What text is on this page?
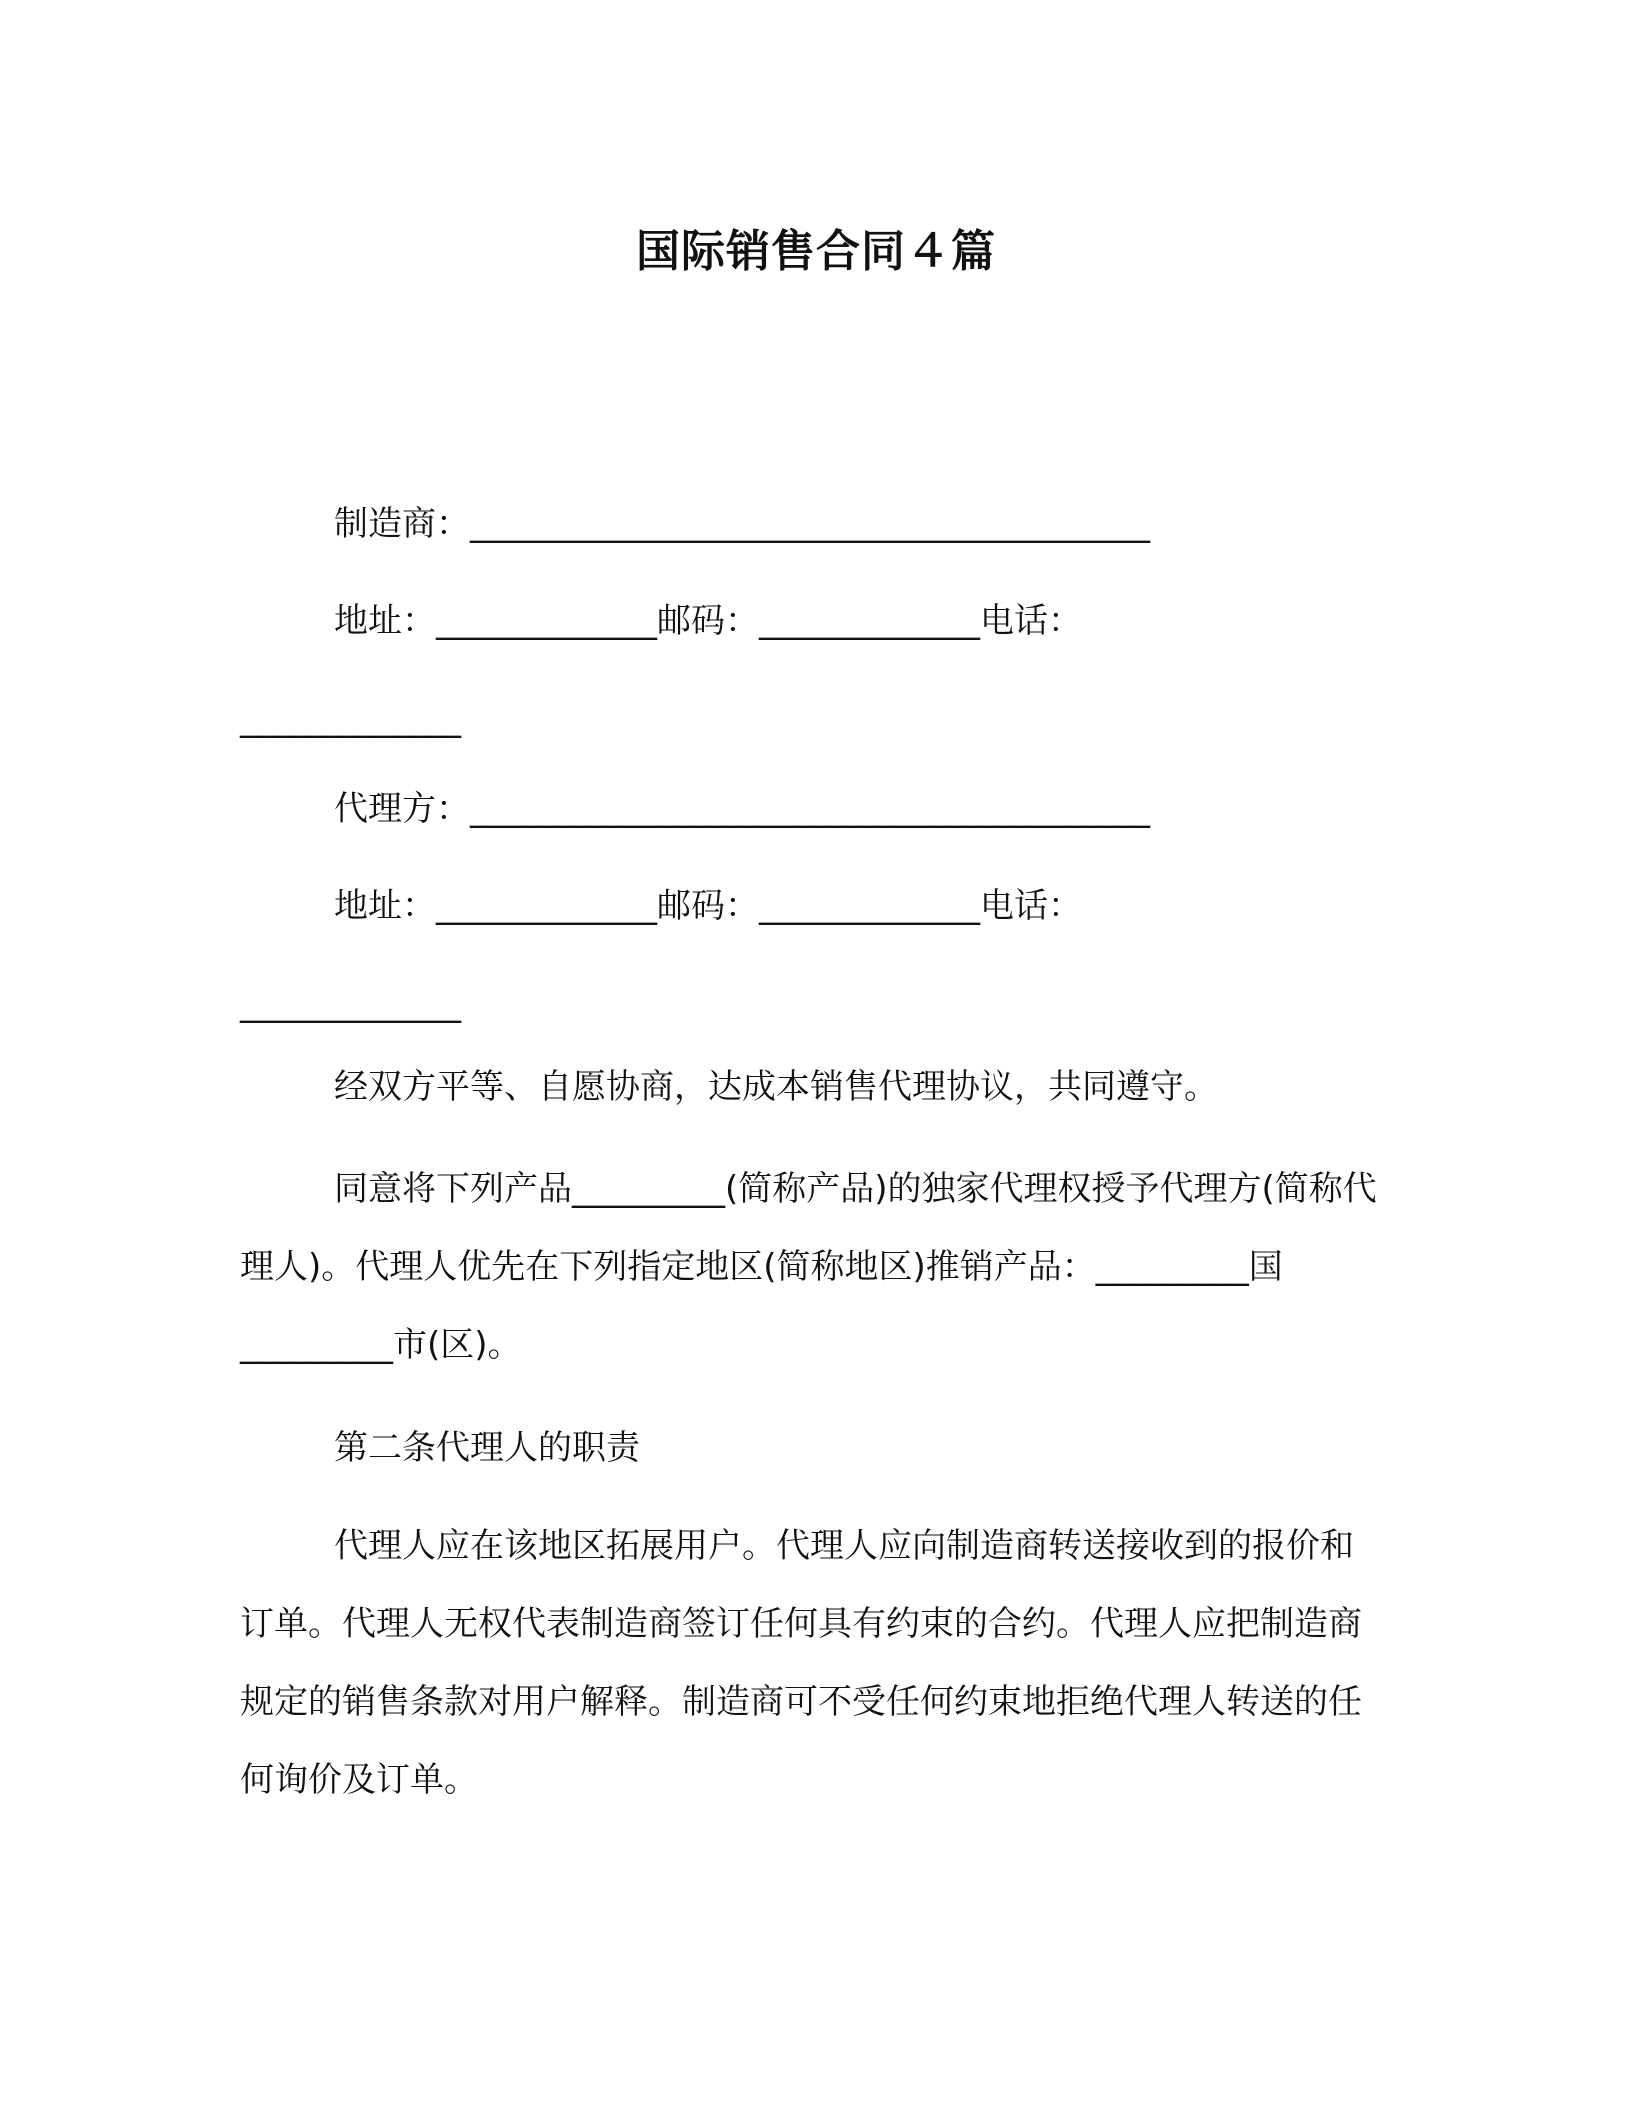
国际销售合同４篇
制造商：________________________________________
地址：_____________邮码：_____________电话：
_____________
代理方：________________________________________
地址：_____________邮码：_____________电话：
_____________
经双方平等、自愿协商，达成本销售代理协议，共同遵守。
同意将下列产品_________(简称产品)的独家代理权授予代理方(简称代理人)。代理人优先在下列指定地区(简称地区)推销产品：_________国_________市(区)。
第二条代理人的职责
代理人应在该地区拓展用户。代理人应向制造商转送接收到的报价和订单。代理人无权代表制造商签订任何具有约束的合约。代理人应把制造商规定的销售条款对用户解释。制造商可不受任何约束地拒绝代理人转送的任何询价及订单。
